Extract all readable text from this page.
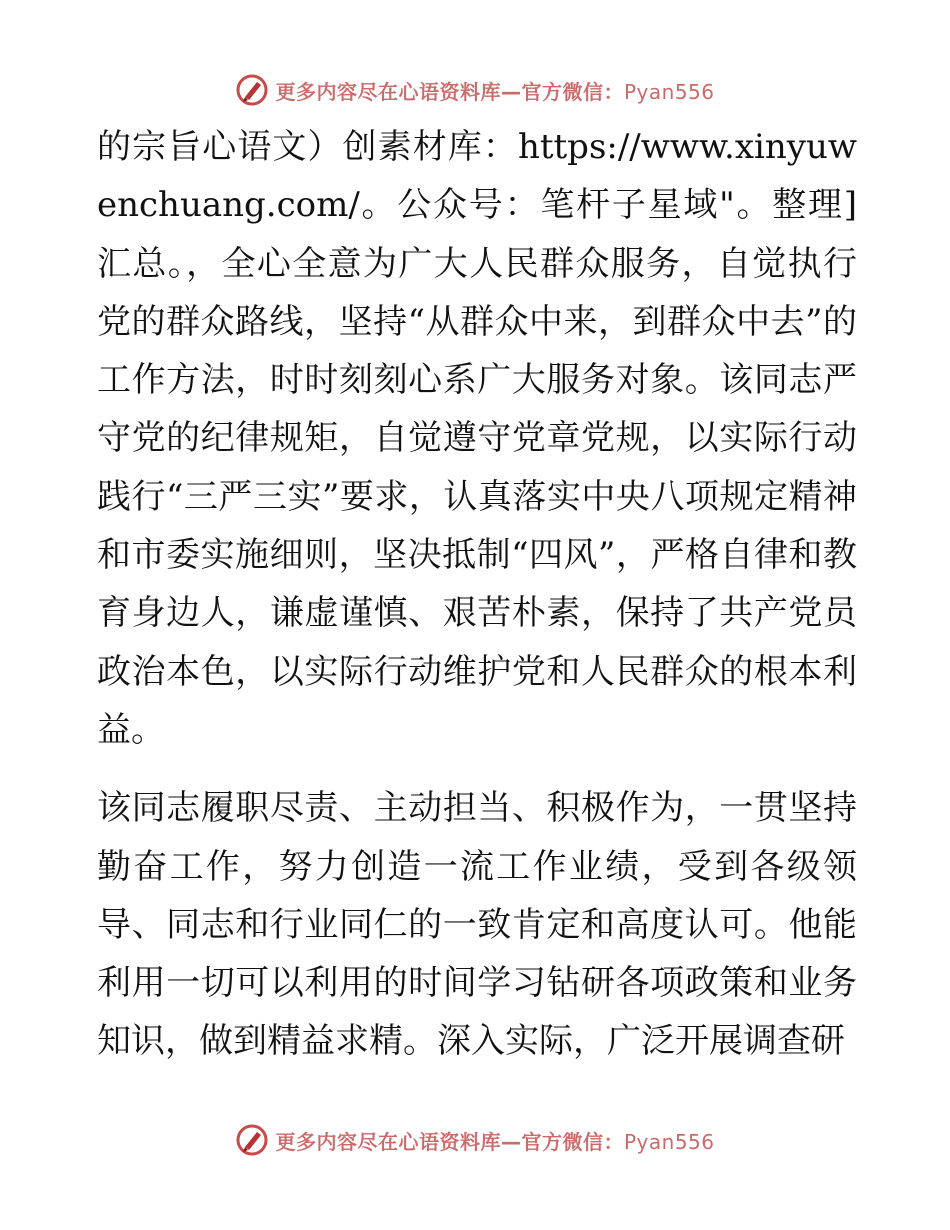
更多内容尽在心语资料库—官方微信：Pyan556

的宗旨心语文）创素材库：https://www.xinyuwenchuang.com/。公众号：笔杆子星域"。整理]汇总。，全心全意为广大人民群众服务，自觉执行党的群众路线，坚持“从群众中来，到群众中去”的工作方法，时时刻刻心系广大服务对象。该同志严守党的纪律规矩，自觉遵守党章党规，以实际行动践行“三严三实”要求，认真落实中央八项规定精神和市委实施细则，坚决抵制“四风”，严格自律和教育身边人，谦虚谨慎、艰苦朴素，保持了共产党员政治本色，以实际行动维护党和人民群众的根本利益。

该同志履职尽责、主动担当、积极作为，一贯坚持勤奋工作，努力创造一流工作业绩，受到各级领导、同志和行业同仁的一致肯定和高度认可。他能利用一切可以利用的时间学习钻研各项政策和业务知识，做到精益求精。深入实际，广泛开展调查研

更多内容尽在心语资料库—官方微信：Pyan556
